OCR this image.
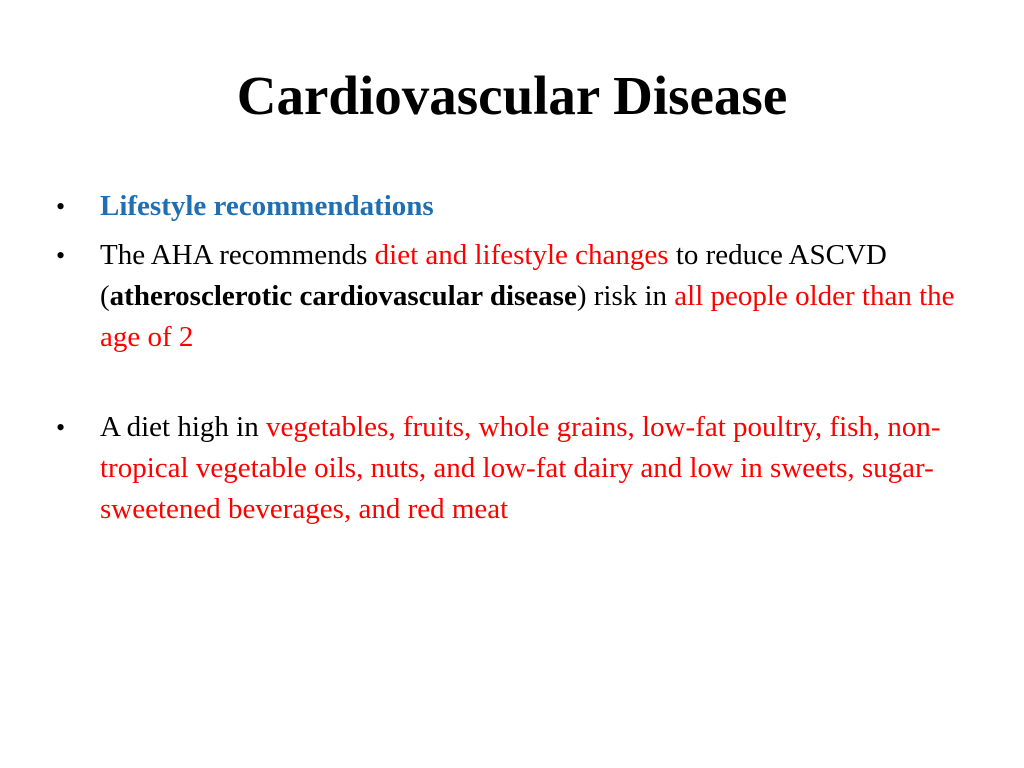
Cardiovascular Disease
•	Lifestyle recommendations
•	The AHA recommends diet and lifestyle changes to reduce ASCVD (atherosclerotic cardiovascular disease) risk in all people older than the age of 2
•	A diet high in vegetables, fruits, whole grains, low-fat poultry, fish, non-tropical vegetable oils, nuts, and low-fat dairy and low in sweets, sugar-sweetened beverages, and red meat
